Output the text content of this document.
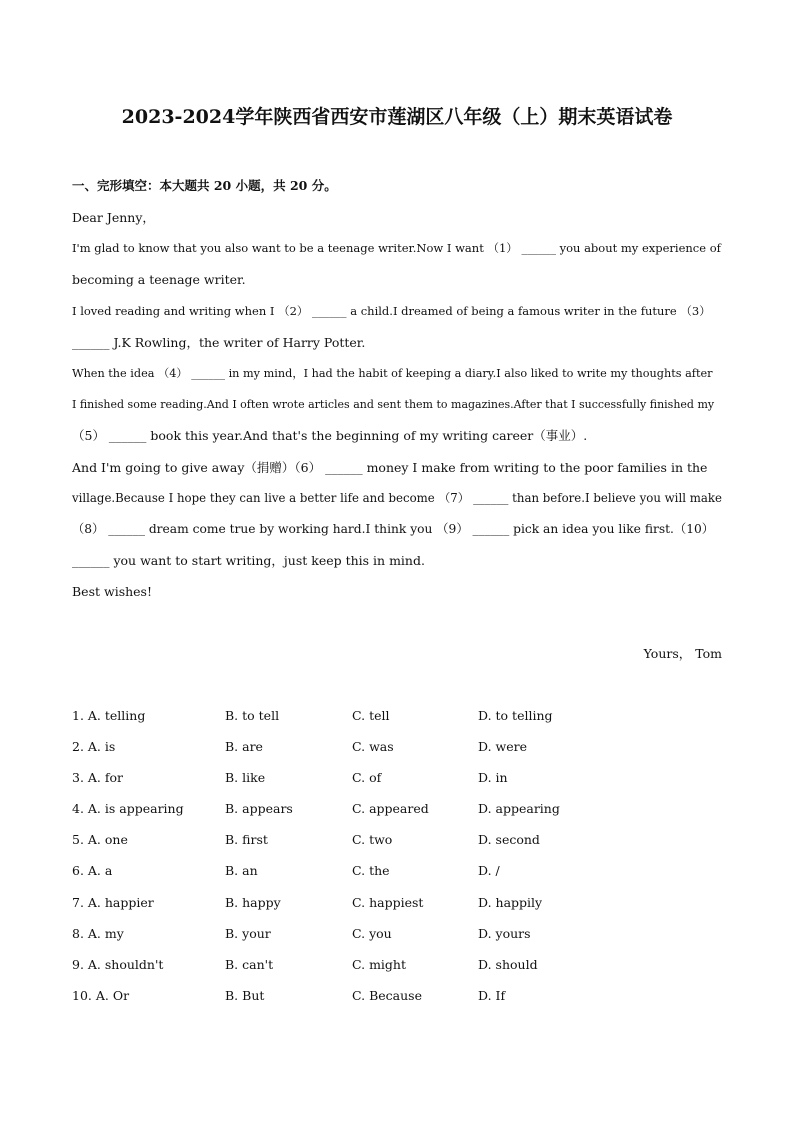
2023-2024学年陕西省西安市莲湖区八年级（上）期末英语试卷
一、完形填空：本大题共 20 小题，共 20 分。
Dear Jenny，
I'm glad to know that you also want to be a teenage writer.Now I want （1） ______ you about my experience of
becoming a teenage writer.
I loved reading and writing when I （2） ______ a child.I dreamed of being a famous writer in the future （3）
______ J.K Rowling，the writer of Harry Potter.
When the idea （4） ______ in my mind，I had the habit of keeping a diary.I also liked to write my thoughts after
I finished some reading.And I often wrote articles and sent them to magazines.After that I successfully finished my
（5） ______ book this year.And that's the beginning of my writing career（事业）.
And I'm going to give away（捐赠）（6） ______ money I make from writing to the poor families in the
village.Because I hope they can live a better life and become （7） ______ than before.I believe you will make
（8） ______ dream come true by working hard.I think you （9） ______ pick an idea you like first.（10）
______ you want to start writing，just keep this in mind.
Best wishes!
Yours， Tom
1. A. telling	B. to tell	C. tell	D. to telling
2. A. is	B. are	C. was	D. were
3. A. for	B. like	C. of	D. in
4. A. is appearing	B. appears	C. appeared	D. appearing
5. A. one	B. first	C. two	D. second
6. A. a	B. an	C. the	D. /
7. A. happier	B. happy	C. happiest	D. happily
8. A. my	B. your	C. you	D. yours
9. A. shouldn't	B. can't	C. might	D. should
10. A. Or	B. But	C. Because	D. If
